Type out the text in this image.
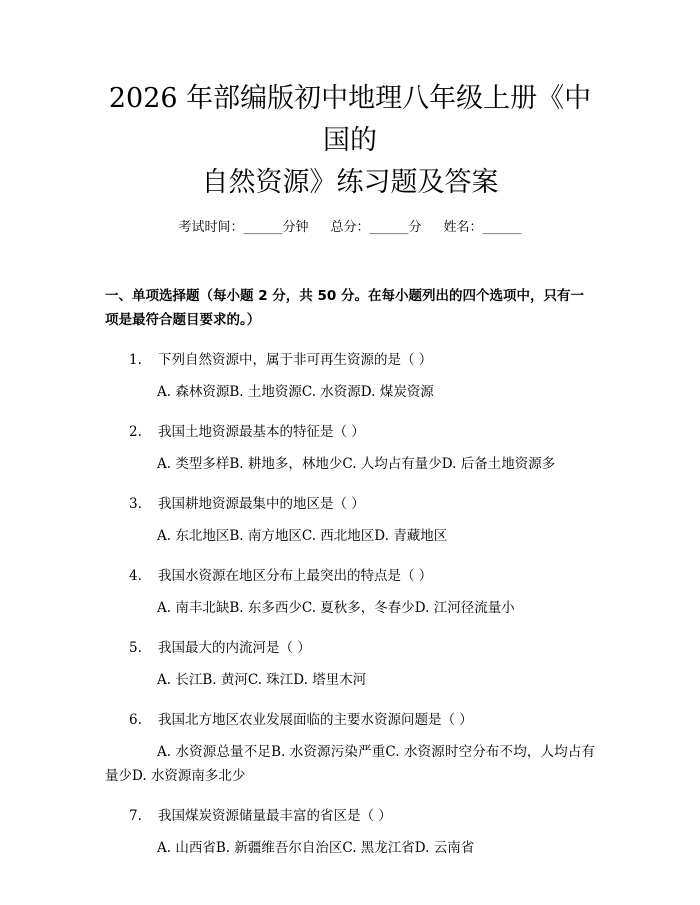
2026 年部编版初中地理八年级上册《中国的
自然资源》练习题及答案
考试时间：______分钟 总分：______分 姓名：______
一、单项选择题（每小题 2 分，共 50 分。在每小题列出的四个选项中，只有一项是最符合题目要求的。）
1. 下列自然资源中，属于非可再生资源的是（ ）
A. 森林资源B. 土地资源C. 水资源D. 煤炭资源
2. 我国土地资源最基本的特征是（ ）
A. 类型多样B. 耕地多，林地少C. 人均占有量少D. 后备土地资源多
3. 我国耕地资源最集中的地区是（ ）
A. 东北地区B. 南方地区C. 西北地区D. 青藏地区
4. 我国水资源在地区分布上最突出的特点是（ ）
A. 南丰北缺B. 东多西少C. 夏秋多，冬春少D. 江河径流量小
5. 我国最大的内流河是（ ）
A. 长江B. 黄河C. 珠江D. 塔里木河
6. 我国北方地区农业发展面临的主要水资源问题是（ ）
A. 水资源总量不足B. 水资源污染严重C. 水资源时空分布不均，人均占有量少D. 水资源南多北少
7. 我国煤炭资源储量最丰富的省区是（ ）
A. 山西省B. 新疆维吾尔自治区C. 黑龙江省D. 云南省
